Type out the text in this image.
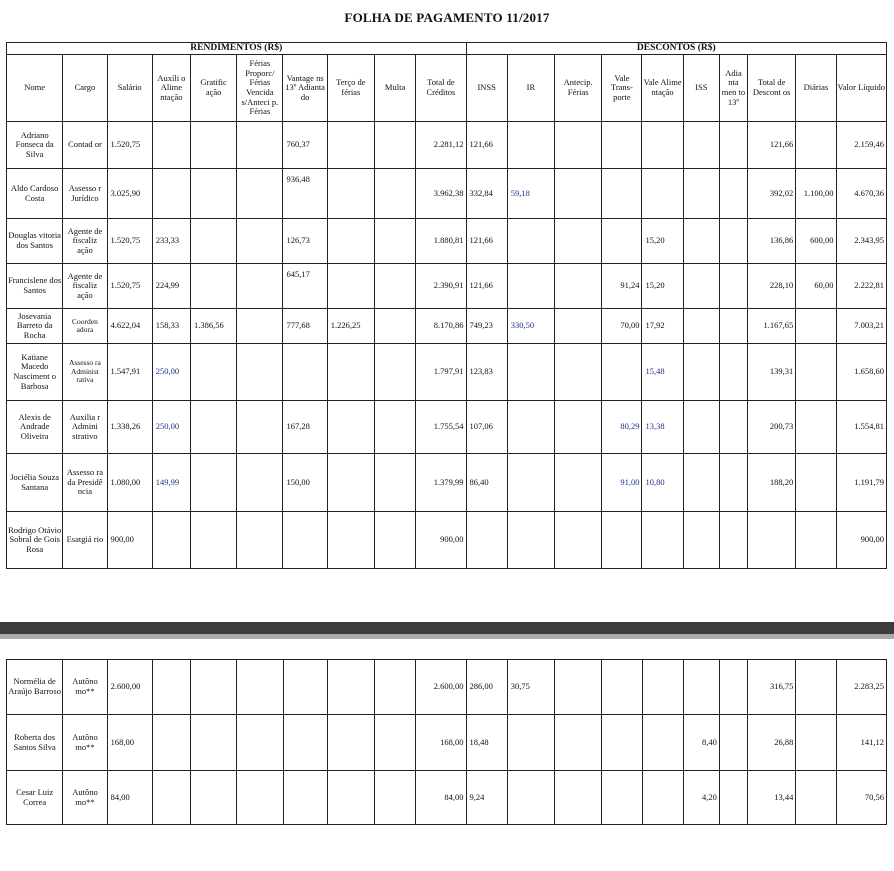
FOLHA DE PAGAMENTO 11/2017
RENDIMENTOS (R$)										DESCONTOS (R$)									
Nome	Cargo	Salário	Auxíli o Alime ntação	Gratific ação	Férias Proporc/ Férias Vencida s/Anteci p. Férias	Vantage ns 13º Adianta do	Terço de férias	Multa	Total de Créditos	INSS	IR	Antecip. Férias	Vale Trans- porte	Vale Alime ntação	ISS	Adia nta men to 13º	Total de Descont os	Diárias	Valor Líquido
Adriano Fonseca da Silva	Contad or	1.520,75				760,37			2.281,12	121,66							121,66		2.159,46
Aldo Cardoso Costa	Assesso r Jurídico	3.025,90				936,48			3.962,38	332,84	59,18						392,02	1.100,00	4.670,36
Douglas vitoria dos Santos	Agente de fiscaliz ação	1.520,75	233,33			126,73			1.880,81	121,66				15,20			136,86	600,00	2.343,95
Francislene dos Santos	Agente de fiscaliz ação	1.520,75	224,99			645,17			2.390,91	121,66			91,24	15,20			228,10	60,00	2.222,81
Josevania Barreto da Rocha	Coorden adora	4.622,04	158,33	1.386,56		777,68	1.226,25		8.170,86	749,23	330,50		70,00	17,92			1.167,65		7.003,21
Katiane Macedo Nasciment o Barbosa	Assesso ra Administ rativa	1.547,91	250,00						1.797,91	123,83				15,48			139,31		1.658,60
Alexis de Andrade Oliveira	Auxilia r Admini strativo	1.338,26	250,00			167,28			1.755,54	107,06			80,29	13,38			200,73		1.554,81
Jociélia Souza Santana	Assesso ra da Presidê ncia	1.080,00	149,99			150,00			1.379,99	86,40			91,00	10,80			188,20		1.191,79
Rodrigo Otávio Sobral de Gois Rosa	Esatgiá rio	900,00							900,00										900,00
Normélia de Araújo Barroso	Autôno mo**	2.600,00							2.600,00	286,00	30,75						316,75		2.283,25
Roberta dos Santos Silva	Autôno mo**	168,00							168,00	18,48					8,40		26,88		141,12
Cesar Luiz Correa	Autôno mo**	84,00							84,00	9,24					4,20		13,44		70,56
